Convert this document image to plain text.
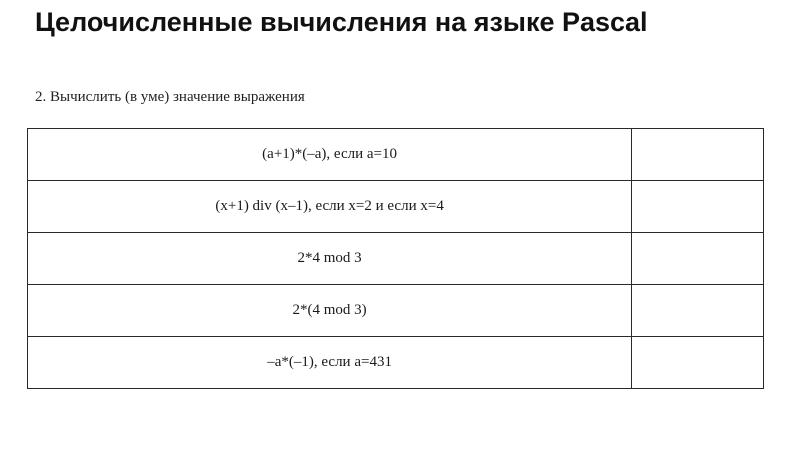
Целочисленные вычисления на языке Pascal

2. Вычислить (в уме) значение выражения

(a+1)*(–a), если a=10	
(x+1) div (x–1), если x=2 и если x=4	
2*4 mod 3	
2*(4 mod 3)	
–a*(–1), если a=431	
